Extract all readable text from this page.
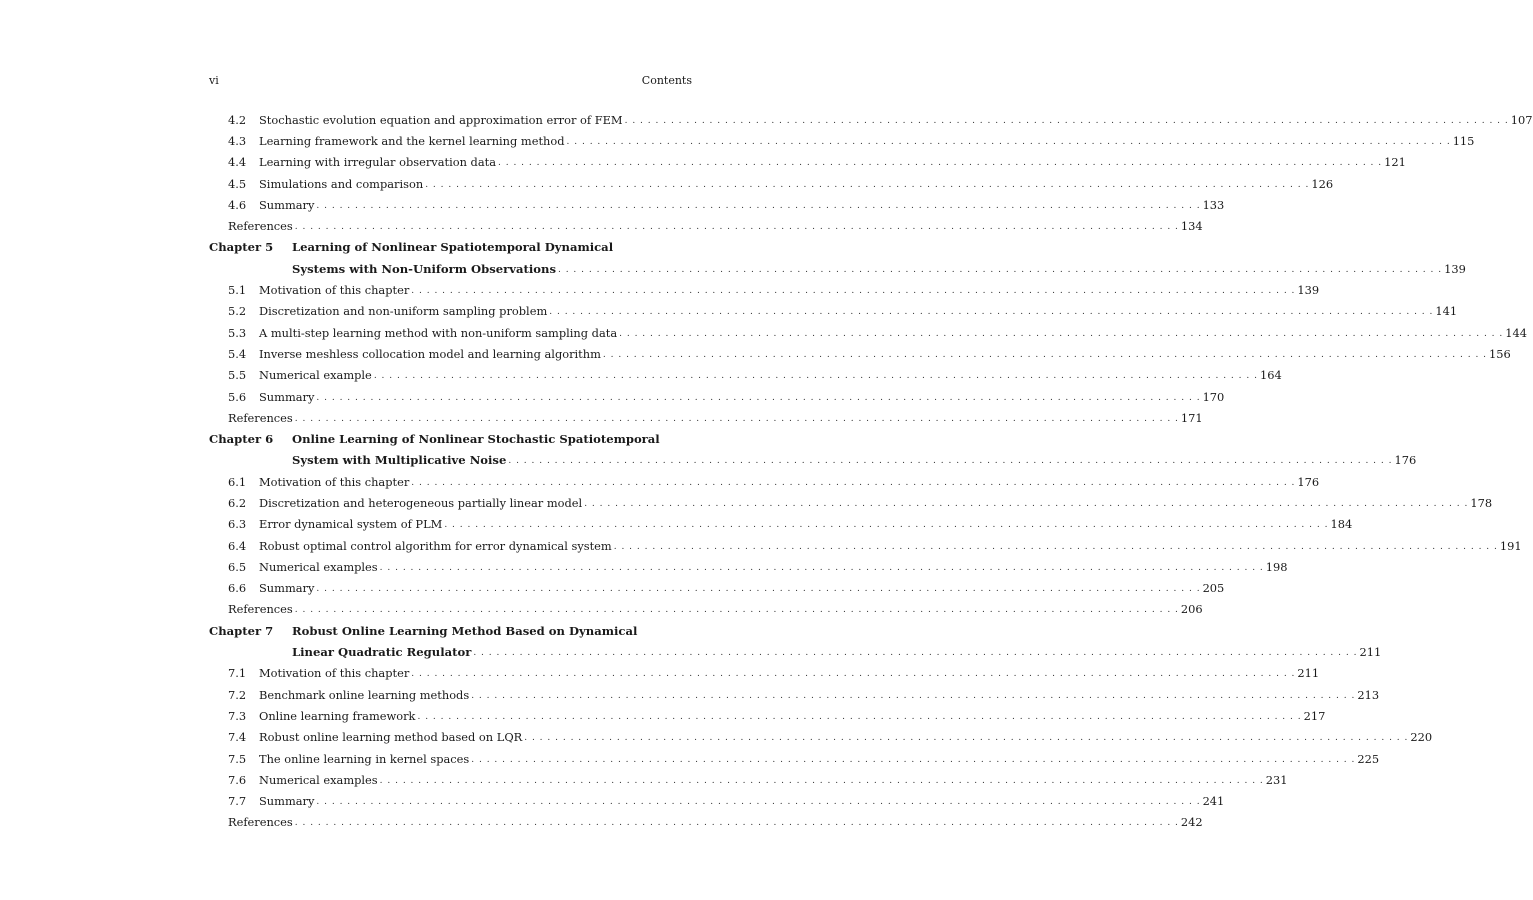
vi	Contents
4.2	Stochastic evolution equation and approximation error of FEM . . . . . . . . . . . . . . . . . . . . . . . . . . . . . . . . . . . . . . . . . . . . . . . . . . . . . . . . . . . . . . . . . . . . . . . . . . . . . . . . . . . . . . . . . . . . . . . . . . . . . . . . . . . . . . . . . . . 107
4.3	Learning framework and the kernel learning method . . . . . . . . . . . . . . . . . . . . . . . . . . . . . . . . . . . . . . . . . . . . . . . . . . . . . . . . . . . . . . . . . . . . . . . . . . . . . . . . . . . . . . . . . . . . . . . . . . . . . . . . . . . . . . . . . . . 115
4.4	Learning with irregular observation data . . . . . . . . . . . . . . . . . . . . . . . . . . . . . . . . . . . . . . . . . . . . . . . . . . . . . . . . . . . . . . . . . . . . . . . . . . . . . . . . . . . . . . . . . . . . . . . . . . . . . . . . . . . . . . . . . . . 121
4.5	Simulations and comparison . . . . . . . . . . . . . . . . . . . . . . . . . . . . . . . . . . . . . . . . . . . . . . . . . . . . . . . . . . . . . . . . . . . . . . . . . . . . . . . . . . . . . . . . . . . . . . . . . . . . . . . . . . . . . . . . . . . 126
4.6	Summary . . . . . . . . . . . . . . . . . . . . . . . . . . . . . . . . . . . . . . . . . . . . . . . . . . . . . . . . . . . . . . . . . . . . . . . . . . . . . . . . . . . . . . . . . . . . . . . . . . . . . . . . . . . . . . . . . . . 133
References . . . . . . . . . . . . . . . . . . . . . . . . . . . . . . . . . . . . . . . . . . . . . . . . . . . . . . . . . . . . . . . . . . . . . . . . . . . . . . . . . . . . . . . . . . . . . . . . . . . . . . . . . . . . . . . . . . . 134
Chapter 5	Learning of Nonlinear Spatiotemporal Dynamical
Systems with Non-Uniform Observations . . . . . . . . . . . . . . . . . . . . . . . . . . . . . . . . . . . . . . . . . . . . . . . . . . . . . . . . . . . . . . . . . . . . . . . . . . . . . . . . . . . . . . . . . . . . . . . . . . . . . . . . . . . . . . . . . . . 139
5.1	Motivation of this chapter . . . . . . . . . . . . . . . . . . . . . . . . . . . . . . . . . . . . . . . . . . . . . . . . . . . . . . . . . . . . . . . . . . . . . . . . . . . . . . . . . . . . . . . . . . . . . . . . . . . . . . . . . . . . . . . . . . . 139
5.2	Discretization and non-uniform sampling problem . . . . . . . . . . . . . . . . . . . . . . . . . . . . . . . . . . . . . . . . . . . . . . . . . . . . . . . . . . . . . . . . . . . . . . . . . . . . . . . . . . . . . . . . . . . . . . . . . . . . . . . . . . . . . . . . . . . 141
5.3	A multi-step learning method with non-uniform sampling data . . . . . . . . . . . . . . . . . . . . . . . . . . . . . . . . . . . . . . . . . . . . . . . . . . . . . . . . . . . . . . . . . . . . . . . . . . . . . . . . . . . . . . . . . . . . . . . . . . . . . . . . . . . . . . . . . . . 144
5.4	Inverse meshless collocation model and learning algorithm . . . . . . . . . . . . . . . . . . . . . . . . . . . . . . . . . . . . . . . . . . . . . . . . . . . . . . . . . . . . . . . . . . . . . . . . . . . . . . . . . . . . . . . . . . . . . . . . . . . . . . . . . . . . . . . . . . . 156
5.5	Numerical example . . . . . . . . . . . . . . . . . . . . . . . . . . . . . . . . . . . . . . . . . . . . . . . . . . . . . . . . . . . . . . . . . . . . . . . . . . . . . . . . . . . . . . . . . . . . . . . . . . . . . . . . . . . . . . . . . . . 164
5.6	Summary . . . . . . . . . . . . . . . . . . . . . . . . . . . . . . . . . . . . . . . . . . . . . . . . . . . . . . . . . . . . . . . . . . . . . . . . . . . . . . . . . . . . . . . . . . . . . . . . . . . . . . . . . . . . . . . . . . . 170
References . . . . . . . . . . . . . . . . . . . . . . . . . . . . . . . . . . . . . . . . . . . . . . . . . . . . . . . . . . . . . . . . . . . . . . . . . . . . . . . . . . . . . . . . . . . . . . . . . . . . . . . . . . . . . . . . . . . 171
Chapter 6	Online Learning of Nonlinear Stochastic Spatiotemporal
System with Multiplicative Noise . . . . . . . . . . . . . . . . . . . . . . . . . . . . . . . . . . . . . . . . . . . . . . . . . . . . . . . . . . . . . . . . . . . . . . . . . . . . . . . . . . . . . . . . . . . . . . . . . . . . . . . . . . . . . . . . . . . 176
6.1	Motivation of this chapter . . . . . . . . . . . . . . . . . . . . . . . . . . . . . . . . . . . . . . . . . . . . . . . . . . . . . . . . . . . . . . . . . . . . . . . . . . . . . . . . . . . . . . . . . . . . . . . . . . . . . . . . . . . . . . . . . . . 176
6.2	Discretization and heterogeneous partially linear model . . . . . . . . . . . . . . . . . . . . . . . . . . . . . . . . . . . . . . . . . . . . . . . . . . . . . . . . . . . . . . . . . . . . . . . . . . . . . . . . . . . . . . . . . . . . . . . . . . . . . . . . . . . . . . . . . . . 178
6.3	Error dynamical system of PLM . . . . . . . . . . . . . . . . . . . . . . . . . . . . . . . . . . . . . . . . . . . . . . . . . . . . . . . . . . . . . . . . . . . . . . . . . . . . . . . . . . . . . . . . . . . . . . . . . . . . . . . . . . . . . . . . . . . 184
6.4	Robust optimal control algorithm for error dynamical system . . . . . . . . . . . . . . . . . . . . . . . . . . . . . . . . . . . . . . . . . . . . . . . . . . . . . . . . . . . . . . . . . . . . . . . . . . . . . . . . . . . . . . . . . . . . . . . . . . . . . . . . . . . . . . . . . . . 191
6.5	Numerical examples . . . . . . . . . . . . . . . . . . . . . . . . . . . . . . . . . . . . . . . . . . . . . . . . . . . . . . . . . . . . . . . . . . . . . . . . . . . . . . . . . . . . . . . . . . . . . . . . . . . . . . . . . . . . . . . . . . . 198
6.6	Summary . . . . . . . . . . . . . . . . . . . . . . . . . . . . . . . . . . . . . . . . . . . . . . . . . . . . . . . . . . . . . . . . . . . . . . . . . . . . . . . . . . . . . . . . . . . . . . . . . . . . . . . . . . . . . . . . . . . 205
References . . . . . . . . . . . . . . . . . . . . . . . . . . . . . . . . . . . . . . . . . . . . . . . . . . . . . . . . . . . . . . . . . . . . . . . . . . . . . . . . . . . . . . . . . . . . . . . . . . . . . . . . . . . . . . . . . . . 206
Chapter 7	Robust Online Learning Method Based on Dynamical
Linear Quadratic Regulator . . . . . . . . . . . . . . . . . . . . . . . . . . . . . . . . . . . . . . . . . . . . . . . . . . . . . . . . . . . . . . . . . . . . . . . . . . . . . . . . . . . . . . . . . . . . . . . . . . . . . . . . . . . . . . . . . . . 211
7.1	Motivation of this chapter . . . . . . . . . . . . . . . . . . . . . . . . . . . . . . . . . . . . . . . . . . . . . . . . . . . . . . . . . . . . . . . . . . . . . . . . . . . . . . . . . . . . . . . . . . . . . . . . . . . . . . . . . . . . . . . . . . . 211
7.2	Benchmark online learning methods . . . . . . . . . . . . . . . . . . . . . . . . . . . . . . . . . . . . . . . . . . . . . . . . . . . . . . . . . . . . . . . . . . . . . . . . . . . . . . . . . . . . . . . . . . . . . . . . . . . . . . . . . . . . . . . . . . . 213
7.3	Online learning framework . . . . . . . . . . . . . . . . . . . . . . . . . . . . . . . . . . . . . . . . . . . . . . . . . . . . . . . . . . . . . . . . . . . . . . . . . . . . . . . . . . . . . . . . . . . . . . . . . . . . . . . . . . . . . . . . . . . 217
7.4	Robust online learning method based on LQR . . . . . . . . . . . . . . . . . . . . . . . . . . . . . . . . . . . . . . . . . . . . . . . . . . . . . . . . . . . . . . . . . . . . . . . . . . . . . . . . . . . . . . . . . . . . . . . . . . . . . . . . . . . . . . . . . . . 220
7.5	The online learning in kernel spaces . . . . . . . . . . . . . . . . . . . . . . . . . . . . . . . . . . . . . . . . . . . . . . . . . . . . . . . . . . . . . . . . . . . . . . . . . . . . . . . . . . . . . . . . . . . . . . . . . . . . . . . . . . . . . . . . . . . 225
7.6	Numerical examples . . . . . . . . . . . . . . . . . . . . . . . . . . . . . . . . . . . . . . . . . . . . . . . . . . . . . . . . . . . . . . . . . . . . . . . . . . . . . . . . . . . . . . . . . . . . . . . . . . . . . . . . . . . . . . . . . . . 231
7.7	Summary . . . . . . . . . . . . . . . . . . . . . . . . . . . . . . . . . . . . . . . . . . . . . . . . . . . . . . . . . . . . . . . . . . . . . . . . . . . . . . . . . . . . . . . . . . . . . . . . . . . . . . . . . . . . . . . . . . . 241
References . . . . . . . . . . . . . . . . . . . . . . . . . . . . . . . . . . . . . . . . . . . . . . . . . . . . . . . . . . . . . . . . . . . . . . . . . . . . . . . . . . . . . . . . . . . . . . . . . . . . . . . . . . . . . . . . . . . 242
